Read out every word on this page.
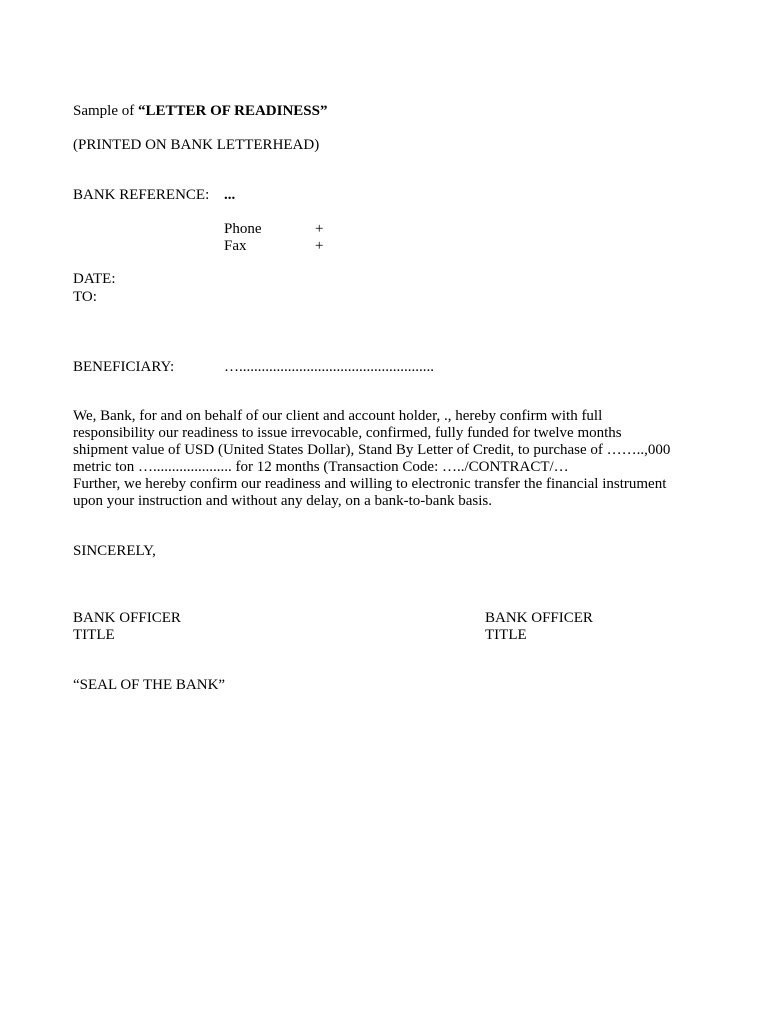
Sample of “LETTER OF READINESS”
(PRINTED ON BANK LETTERHEAD)
BANK REFERENCE: ...
Phone	+
Fax	+
DATE:
TO:
BENEFICIARY:	…....................................................
We, Bank, for and on behalf of our client and account holder, ., hereby confirm with full
responsibility our readiness to issue irrevocable, confirmed, fully funded for twelve months
shipment value of USD (United States Dollar), Stand By Letter of Credit, to purchase of ……..,000
metric ton …..................... for 12 months (Transaction Code: …../CONTRACT/…
Further, we hereby confirm our readiness and willing to electronic transfer the financial instrument
upon your instruction and without any delay, on a bank-to-bank basis.
SINCERELY,
BANK OFFICER
TITLE
BANK OFFICER
TITLE
“SEAL OF THE BANK”
